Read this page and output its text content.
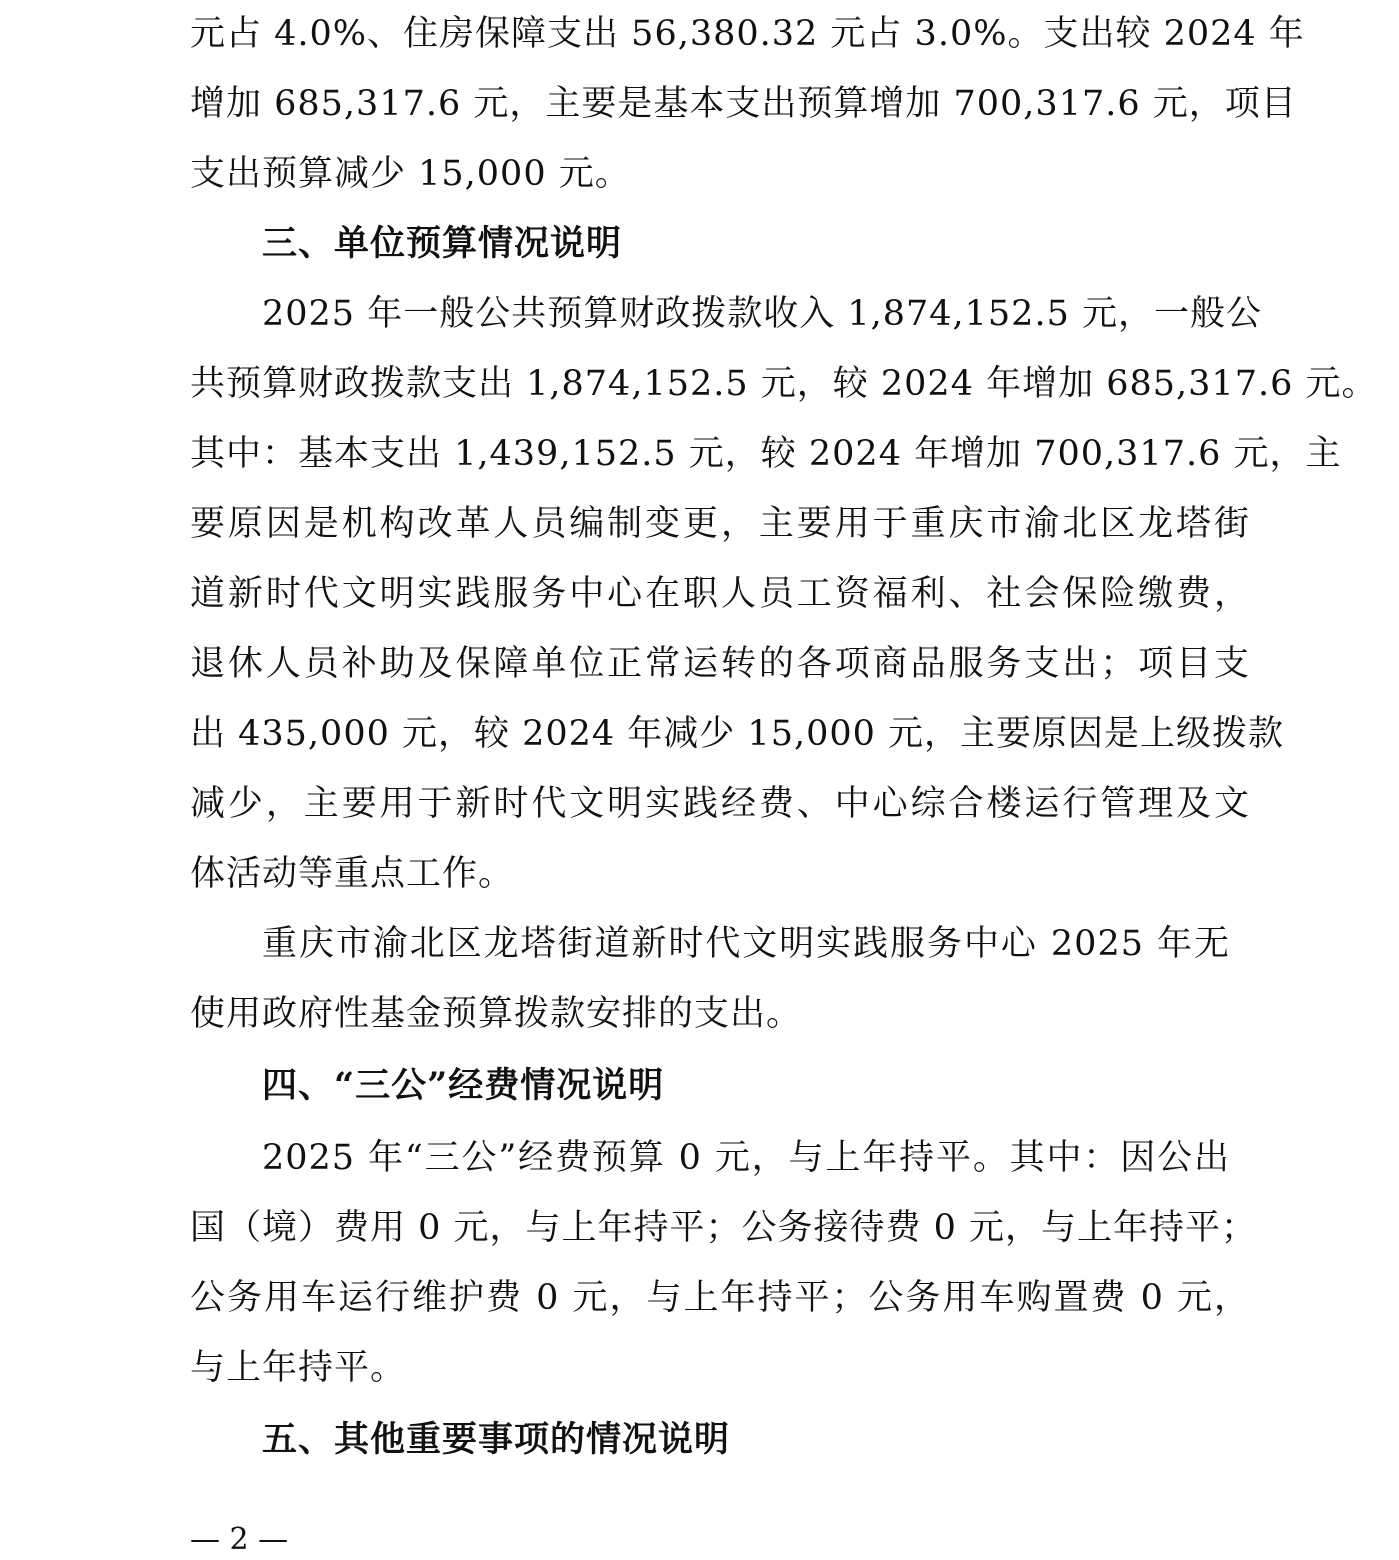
元占 4.0%、住房保障支出 56,380.32 元占 3.0%。支出较 2024 年
增加 685,317.6 元，主要是基本支出预算增加 700,317.6 元，项目
支出预算减少 15,000 元。
三、单位预算情况说明
2025 年一般公共预算财政拨款收入 1,874,152.5 元，一般公
共预算财政拨款支出 1,874,152.5 元，较 2024 年增加 685,317.6 元。
其中：基本支出 1,439,152.5 元，较 2024 年增加 700,317.6 元，主
要原因是机构改革人员编制变更，主要用于重庆市渝北区龙塔街
道新时代文明实践服务中心在职人员工资福利、社会保险缴费，
退休人员补助及保障单位正常运转的各项商品服务支出；项目支
出 435,000 元，较 2024 年减少 15,000 元，主要原因是上级拨款
减少，主要用于新时代文明实践经费、中心综合楼运行管理及文
体活动等重点工作。
重庆市渝北区龙塔街道新时代文明实践服务中心 2025 年无
使用政府性基金预算拨款安排的支出。
四、“三公”经费情况说明
2025 年“三公”经费预算 0 元，与上年持平。其中：因公出
国（境）费用 0 元，与上年持平；公务接待费 0 元，与上年持平；
公务用车运行维护费 0 元，与上年持平；公务用车购置费 0 元，
与上年持平。
五、其他重要事项的情况说明
— 2 —
